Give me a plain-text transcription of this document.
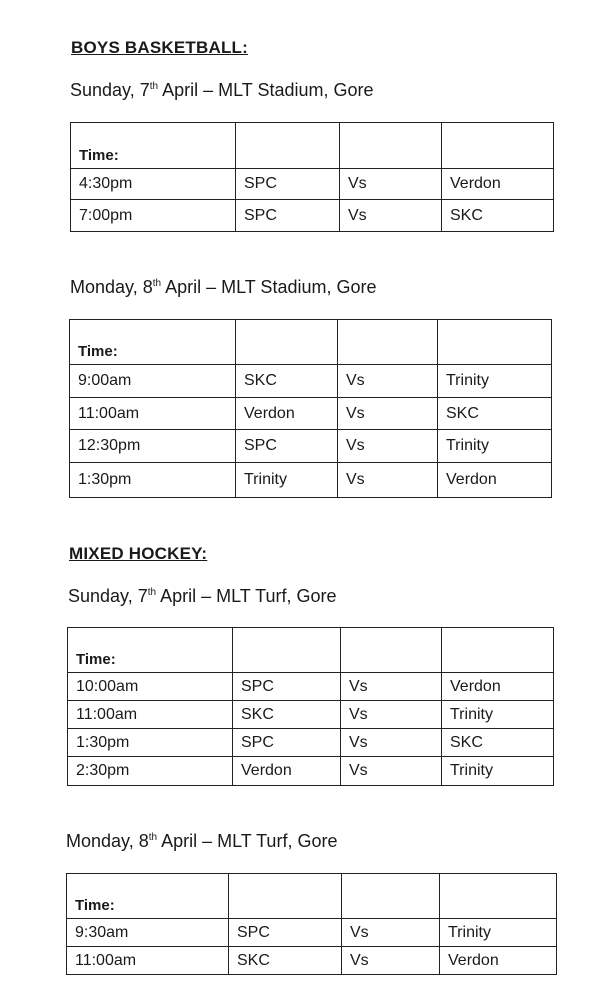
BOYS BASKETBALL:
Sunday, 7th April – MLT Stadium, Gore
Time:			
4:30pm	SPC	Vs	Verdon
7:00pm	SPC	Vs	SKC
Monday, 8th April – MLT Stadium, Gore
Time:			
9:00am	SKC	Vs	Trinity
11:00am	Verdon	Vs	SKC
12:30pm	SPC	Vs	Trinity
1:30pm	Trinity	Vs	Verdon
MIXED HOCKEY:
Sunday, 7th April – MLT Turf, Gore
Time:			
10:00am	SPC	Vs	Verdon
11:00am	SKC	Vs	Trinity
1:30pm	SPC	Vs	SKC
2:30pm	Verdon	Vs	Trinity
Monday, 8th April – MLT Turf, Gore
Time:			
9:30am	SPC	Vs	Trinity
11:00am	SKC	Vs	Verdon
